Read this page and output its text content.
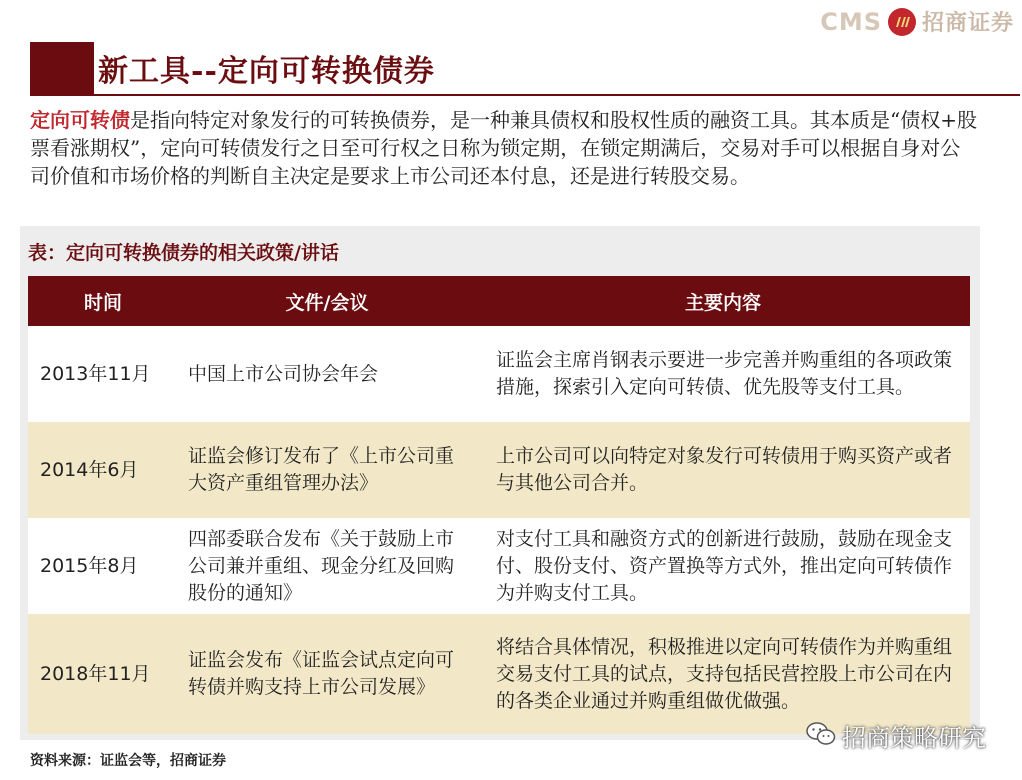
CMS 招商证券
新工具--定向可转换债券
定向可转债是指向特定对象发行的可转换债券，是一种兼具债权和股权性质的融资工具。其本质是“债权+股票看涨期权”，定向可转债发行之日至可行权之日称为锁定期，在锁定期满后，交易对手可以根据自身对公司价值和市场价格的判断自主决定是要求上市公司还本付息，还是进行转股交易。
表：定向可转换债券的相关政策/讲话
时间	文件/会议	主要内容
2013年11月	中国上市公司协会年会	证监会主席肖钢表示要进一步完善并购重组的各项政策措施，探索引入定向可转债、优先股等支付工具。
2014年6月	证监会修订发布了《上市公司重大资产重组管理办法》	上市公司可以向特定对象发行可转债用于购买资产或者与其他公司合并。
2015年8月	四部委联合发布《关于鼓励上市公司兼并重组、现金分红及回购股份的通知》	对支付工具和融资方式的创新进行鼓励，鼓励在现金支付、股份支付、资产置换等方式外，推出定向可转债作为并购支付工具。
2018年11月	证监会发布《证监会试点定向可转债并购支持上市公司发展》	将结合具体情况，积极推进以定向可转债作为并购重组交易支付工具的试点，支持包括民营控股上市公司在内的各类企业通过并购重组做优做强。
资料来源：证监会等，招商证券
招商策略研究
